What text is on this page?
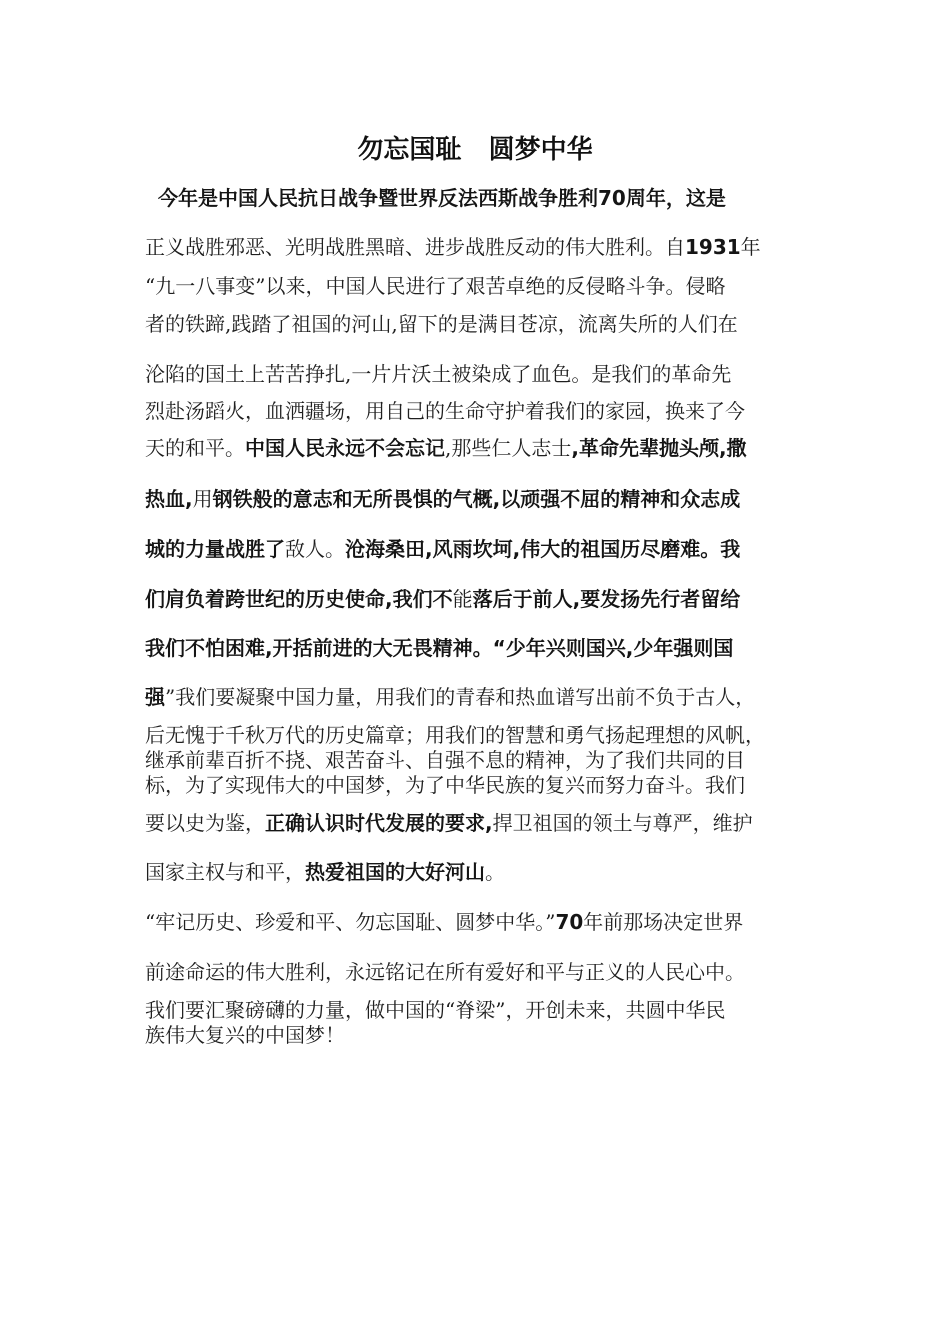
勿忘国耻   圆梦中华
今年是中国人民抗日战争暨世界反法西斯战争胜利70周年，这是
正义战胜邪恶、光明战胜黑暗、进步战胜反动的伟大胜利。自1931年
“九一八事变”以来，中国人民进行了艰苦卓绝的反侵略斗争。侵略
者的铁蹄,践踏了祖国的河山,留下的是满目苍凉，流离失所的人们在
沦陷的国土上苦苦挣扎,一片片沃土被染成了血色。是我们的革命先
烈赴汤蹈火，血洒疆场，用自己的生命守护着我们的家园，换来了今
天的和平。中国人民永远不会忘记,那些仁人志士,革命先辈抛头颅,撒
热血,用钢铁般的意志和无所畏惧的气概,以顽强不屈的精神和众志成
城的力量战胜了敌人。沧海桑田,风雨坎坷,伟大的祖国历尽磨难。我
们肩负着跨世纪的历史使命,我们不能落后于前人,要发扬先行者留给
我们不怕困难,开括前进的大无畏精神。“少年兴则国兴,少年强则国
强”我们要凝聚中国力量，用我们的青春和热血谱写出前不负于古人，
后无愧于千秋万代的历史篇章；用我们的智慧和勇气扬起理想的风帆，
继承前辈百折不挠、艰苦奋斗、自强不息的精神，为了我们共同的目
标，为了实现伟大的中国梦，为了中华民族的复兴而努力奋斗。我们
要以史为鉴，正确认识时代发展的要求,捍卫祖国的领土与尊严，维护
国家主权与和平，热爱祖国的大好河山。
“牢记历史、珍爱和平、勿忘国耻、圆梦中华。”70年前那场决定世界
前途命运的伟大胜利，永远铭记在所有爱好和平与正义的人民心中。
我们要汇聚磅礴的力量，做中国的“脊梁”，开创未来，共圆中华民
族伟大复兴的中国梦！
